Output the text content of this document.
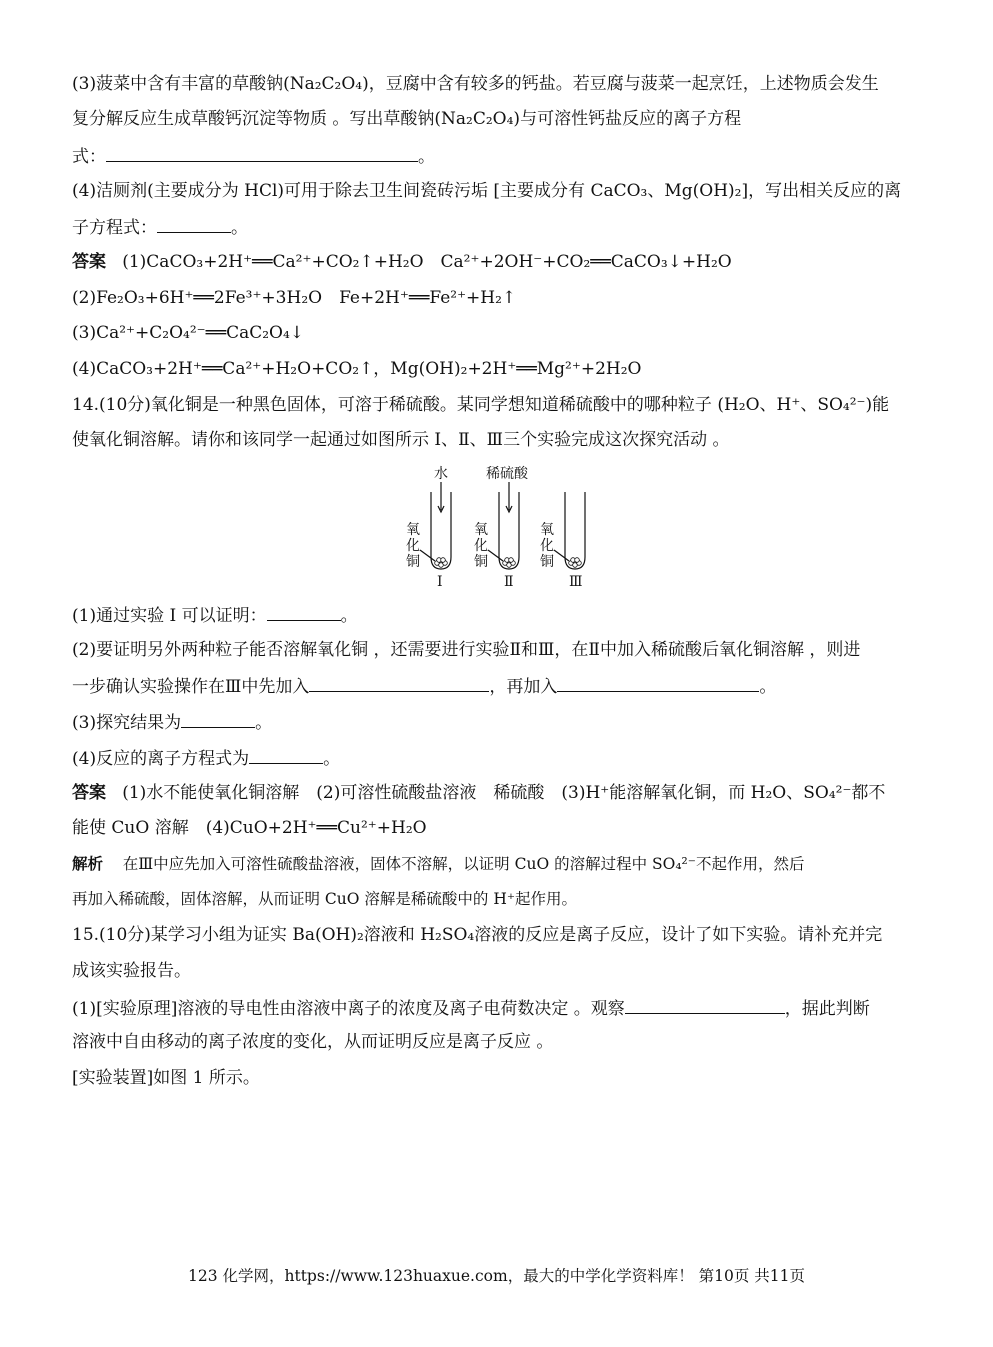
(3)菠菜中含有丰富的草酸钠(Na₂C₂O₄)，豆腐中含有较多的钙盐。若豆腐与菠菜一起烹饪，上述物质会发生
复分解反应生成草酸钙沉淀等物质 。写出草酸钠(Na₂C₂O₄)与可溶性钙盐反应的离子方程
式：	。
(4)洁厕剂(主要成分为 HCl)可用于除去卫生间瓷砖污垢 [主要成分有 CaCO₃、Mg(OH)₂]，写出相关反应的离
子方程式：	。
答案 (1)CaCO₃+2H⁺══Ca²⁺+CO₂↑+H₂O　Ca²⁺+2OH⁻+CO₂══CaCO₃↓+H₂O
(2)Fe₂O₃+6H⁺══2Fe³⁺+3H₂O　Fe+2H⁺══Fe²⁺+H₂↑
(3)Ca²⁺+C₂O₄²⁻══CaC₂O₄↓
(4)CaCO₃+2H⁺══Ca²⁺+H₂O+CO₂↑，Mg(OH)₂+2H⁺══Mg²⁺+2H₂O
14.(10分)氧化铜是一种黑色固体，可溶于稀硫酸。某同学想知道稀硫酸中的哪种粒子 (H₂O、H⁺、SO₄²⁻)能
使氧化铜溶解。请你和该同学一起通过如图所示 Ⅰ、Ⅱ、Ⅲ三个实验完成这次探究活动 。
水	稀硫酸
氧
化
铜
氧
化
铜
氧
化
铜
Ⅰ	Ⅱ	Ⅲ
(1)通过实验 Ⅰ 可以证明：	。
(2)要证明另外两种粒子能否溶解氧化铜 ，还需要进行实验Ⅱ和Ⅲ，在Ⅱ中加入稀硫酸后氧化铜溶解 ，则进
一步确认实验操作在Ⅲ中先加入	，再加入	。
(3)探究结果为	。
(4)反应的离子方程式为	。
答案 (1)水不能使氧化铜溶解　(2)可溶性硫酸盐溶液　稀硫酸　(3)H⁺能溶解氧化铜，而 H₂O、SO₄²⁻都不
能使 CuO 溶解　(4)CuO+2H⁺══Cu²⁺+H₂O
解析 在Ⅲ中应先加入可溶性硫酸盐溶液，固体不溶解，以证明 CuO 的溶解过程中 SO₄²⁻不起作用，然后
再加入稀硫酸，固体溶解，从而证明 CuO 溶解是稀硫酸中的 H⁺起作用。
15.(10分)某学习小组为证实 Ba(OH)₂溶液和 H₂SO₄溶液的反应是离子反应，设计了如下实验。请补充并完
成该实验报告。
(1)[实验原理]溶液的导电性由溶液中离子的浓度及离子电荷数决定 。观察	，据此判断
溶液中自由移动的离子浓度的变化，从而证明反应是离子反应 。
[实验装置]如图 1 所示。
123 化学网，https://www.123huaxue.com，最大的中学化学资料库！ 第10页 共11页
